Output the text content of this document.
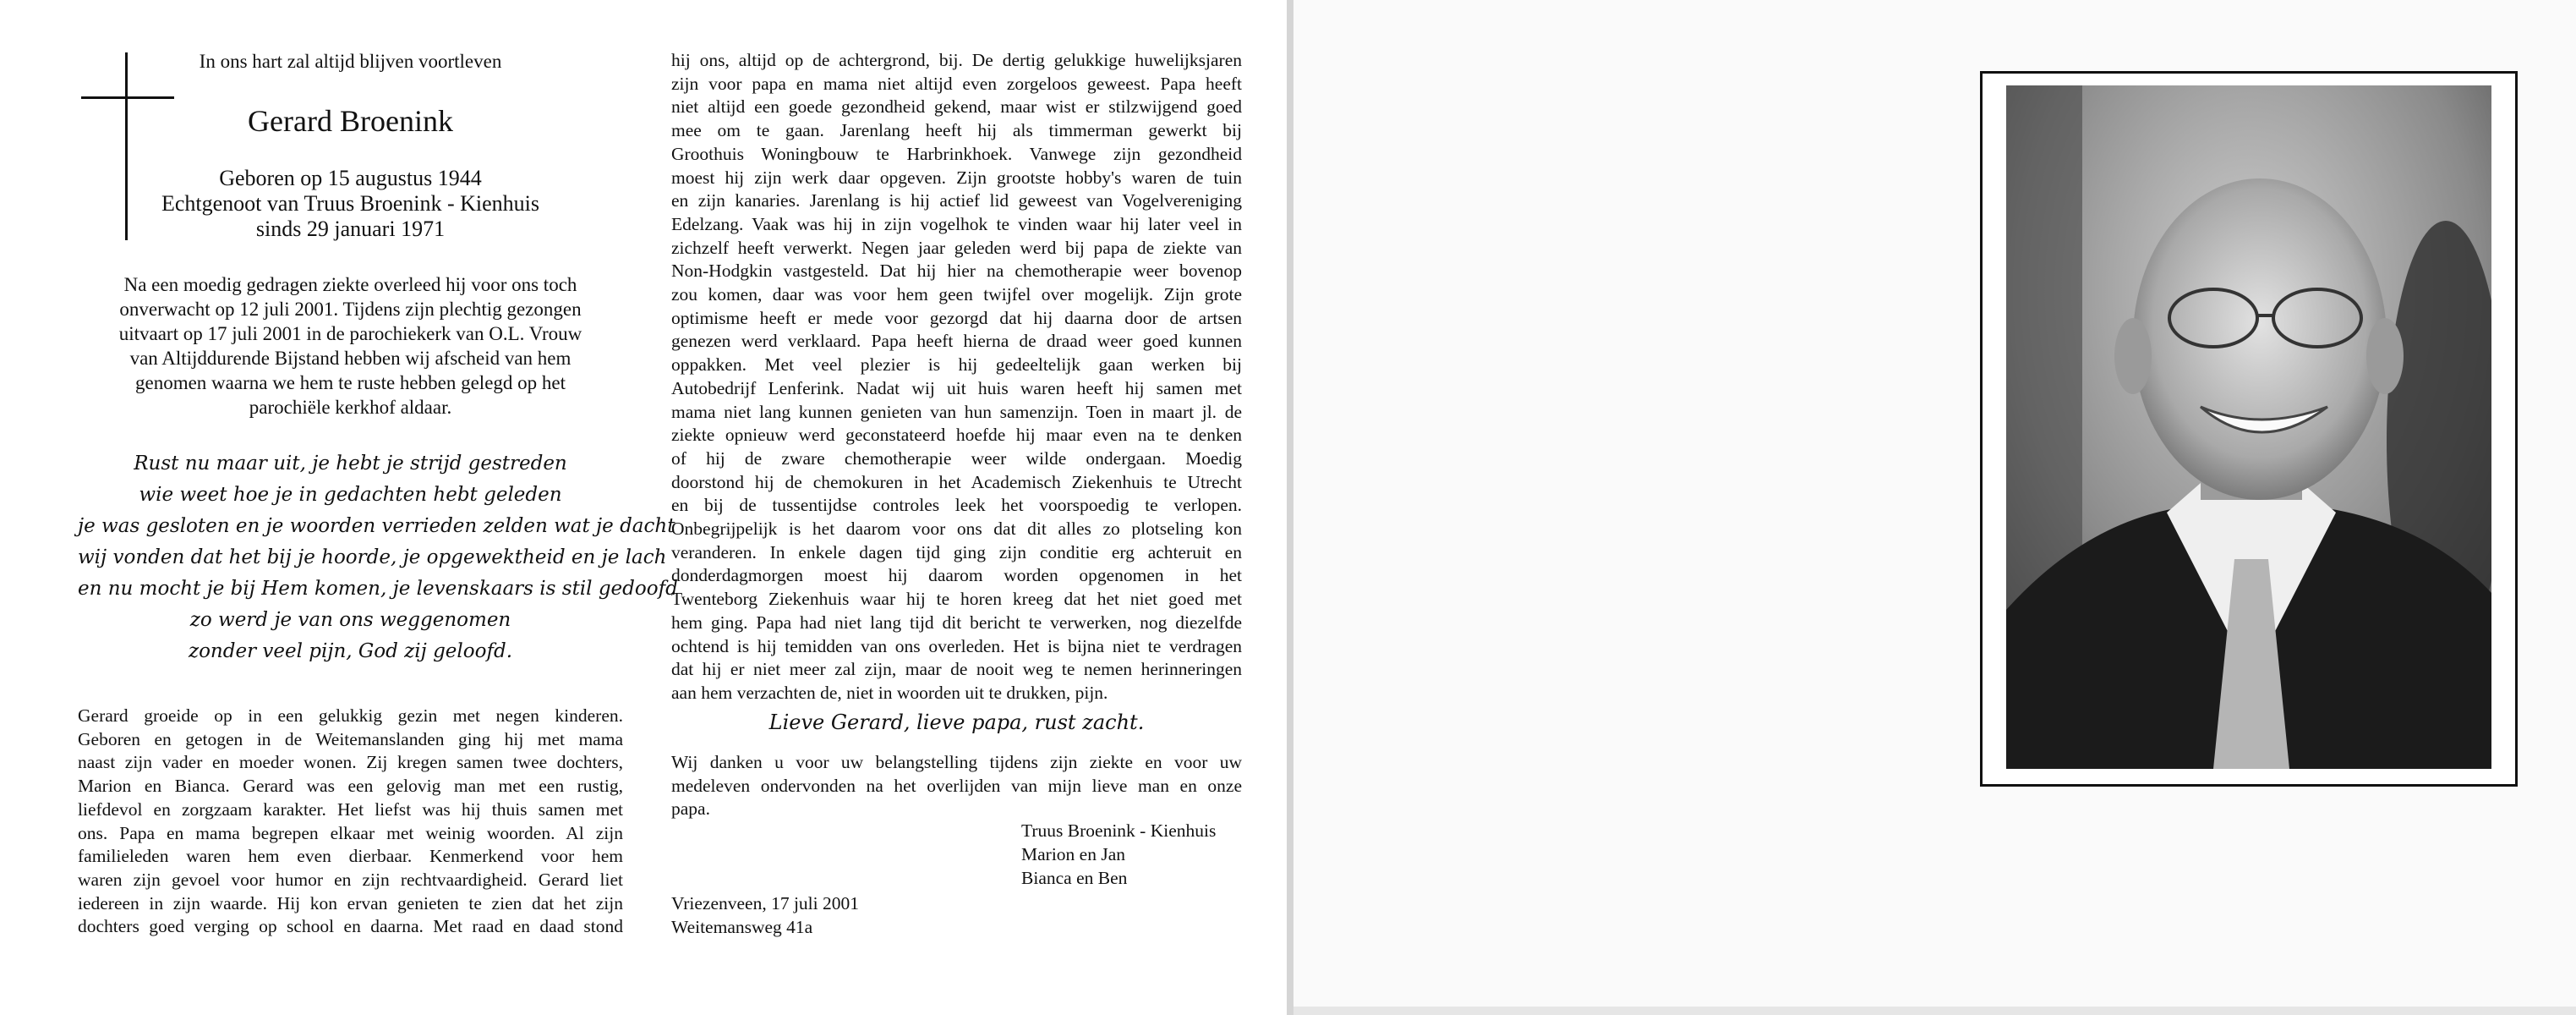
In ons hart zal altijd blijven voortleven
Gerard Broenink
Geboren op 15 augustus 1944
Echtgenoot van Truus Broenink - Kienhuis
sinds 29 januari 1971
Na een moedig gedragen ziekte overleed hij voor ons toch
onverwacht op 12 juli 2001. Tijdens zijn plechtig gezongen
uitvaart op 17 juli 2001 in de parochiekerk van O.L. Vrouw
van Altijddurende Bijstand hebben wij afscheid van hem
genomen waarna we hem te ruste hebben gelegd op het
parochiële kerkhof aldaar.
Rust nu maar uit, je hebt je strijd gestreden
wie weet hoe je in gedachten hebt geleden
je was gesloten en je woorden verrieden zelden wat je dacht
wij vonden dat het bij je hoorde, je opgewektheid en je lach
en nu mocht je bij Hem komen, je levenskaars is stil gedoofd
zo werd je van ons weggenomen
zonder veel pijn, God zij geloofd.
Gerard groeide op in een gelukkig gezin met negen kinderen.
Geboren en getogen in de Weitemanslanden ging hij met mama
naast zijn vader en moeder wonen. Zij kregen samen twee dochters,
Marion en Bianca. Gerard was een gelovig man met een rustig,
liefdevol en zorgzaam karakter. Het liefst was hij thuis samen met
ons. Papa en mama begrepen elkaar met weinig woorden. Al zijn
familieleden waren hem even dierbaar. Kenmerkend voor hem
waren zijn gevoel voor humor en zijn rechtvaardigheid. Gerard liet
iedereen in zijn waarde. Hij kon ervan genieten te zien dat het zijn
dochters goed verging op school en daarna. Met raad en daad stond
hij ons, altijd op de achtergrond, bij. De dertig gelukkige huwelijksjaren
zijn voor papa en mama niet altijd even zorgeloos geweest. Papa heeft
niet altijd een goede gezondheid gekend, maar wist er stilzwijgend goed
mee om te gaan. Jarenlang heeft hij als timmerman gewerkt bij
Groothuis Woningbouw te Harbrinkhoek. Vanwege zijn gezondheid
moest hij zijn werk daar opgeven. Zijn grootste hobby's waren de tuin
en zijn kanaries. Jarenlang is hij actief lid geweest van Vogelvereniging
Edelzang. Vaak was hij in zijn vogelhok te vinden waar hij later veel in
zichzelf heeft verwerkt. Negen jaar geleden werd bij papa de ziekte van
Non-Hodgkin vastgesteld. Dat hij hier na chemotherapie weer bovenop
zou komen, daar was voor hem geen twijfel over mogelijk. Zijn grote
optimisme heeft er mede voor gezorgd dat hij daarna door de artsen
genezen werd verklaard. Papa heeft hierna de draad weer goed kunnen
oppakken. Met veel plezier is hij gedeeltelijk gaan werken bij
Autobedrijf Lenferink. Nadat wij uit huis waren heeft hij samen met
mama niet lang kunnen genieten van hun samenzijn. Toen in maart jl. de
ziekte opnieuw werd geconstateerd hoefde hij maar even na te denken
of hij de zware chemotherapie weer wilde ondergaan. Moedig
doorstond hij de chemokuren in het Academisch Ziekenhuis te Utrecht
en bij de tussentijdse controles leek het voorspoedig te verlopen.
Onbegrijpelijk is het daarom voor ons dat dit alles zo plotseling kon
veranderen. In enkele dagen tijd ging zijn conditie erg achteruit en
donderdagmorgen moest hij daarom worden opgenomen in het
Twenteborg Ziekenhuis waar hij te horen kreeg dat het niet goed met
hem ging. Papa had niet lang tijd dit bericht te verwerken, nog diezelfde
ochtend is hij temidden van ons overleden. Het is bijna niet te verdragen
dat hij er niet meer zal zijn, maar de nooit weg te nemen herinneringen
aan hem verzachten de, niet in woorden uit te drukken, pijn.
Lieve Gerard, lieve papa, rust zacht.
Wij danken u voor uw belangstelling tijdens zijn ziekte en voor uw
medeleven ondervonden na het overlijden van mijn lieve man en onze
papa.
Truus Broenink - Kienhuis
Marion en Jan
Bianca en Ben
Vriezenveen, 17 juli 2001
Weitemansweg 41a
